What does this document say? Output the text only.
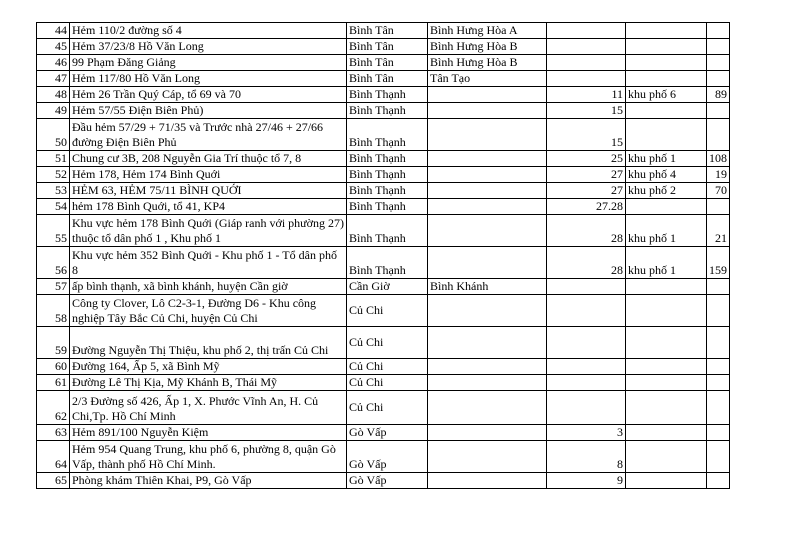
44	Hẻm 110/2 đường số 4	Bình Tân	Bình Hưng Hòa A			
45	Hẻm 37/23/8 Hồ Văn Long	Bình Tân	Bình Hưng Hòa B			
46	99 Phạm Đăng Giảng	Bình Tân	Bình Hưng Hòa B			
47	Hẻm 117/80 Hồ Văn Long	Bình Tân	Tân Tạo			
48	Hẻm 26 Trần Quý Cáp, tổ 69 và 70	Bình Thạnh		11	khu phố 6	89
49	Hẻm 57/55 Điện Biên Phủ)	Bình Thạnh		15		
50	Đầu hẻm 57/29 + 71/35 và Trước nhà 27/46 + 27/66 đường Điện Biên Phủ	Bình Thạnh		15		
51	Chung cư 3B, 208 Nguyễn Gia Trí thuộc tổ 7, 8	Bình Thạnh		25	khu phố 1	108
52	Hẻm 178, Hẻm 174 Bình Quới	Bình Thạnh		27	khu phố 4	19
53	HẺM 63, HẺM 75/11 BÌNH QUỚI	Bình Thạnh		27	khu phố 2	70
54	hẻm 178 Bình Quới, tổ 41, KP4	Bình Thạnh		27.28		
55	Khu vực hẻm 178 Bình Quới (Giáp ranh với phường 27) thuộc tổ dân phố 1 , Khu phố 1	Bình Thạnh		28	khu phố 1	21
56	Khu vực hẻm 352 Bình Quới - Khu phố 1 - Tổ dân phố 8	Bình Thạnh		28	khu phố 1	159
57	ấp bình thạnh, xã bình khánh, huyện Cần giờ	Cần Giờ	Bình Khánh			
58	Công ty Clover, Lô C2-3-1, Đường D6 - Khu công nghiệp Tây Bắc Củ Chi, huyện Củ Chi	Củ Chi				
59	Đường Nguyễn Thị Thiệu, khu phố 2, thị trấn Củ Chi	Củ Chi				
60	Đường 164, Ấp 5, xã Bình Mỹ	Củ Chi				
61	Đường Lê Thị Kịa, Mỹ Khánh B, Thái Mỹ	Củ Chi				
62	2/3 Đường số 426, Ấp 1, X. Phước Vĩnh An, H. Củ Chi,Tp. Hồ Chí Minh	Củ Chi				
63	Hẻm 891/100 Nguyễn Kiệm	Gò Vấp		3		
64	Hẻm 954 Quang Trung, khu phố 6, phường 8, quận Gò Vấp, thành phố Hồ Chí Minh.	Gò Vấp		8		
65	Phòng khám Thiên Khai, P9, Gò Vấp	Gò Vấp		9		
